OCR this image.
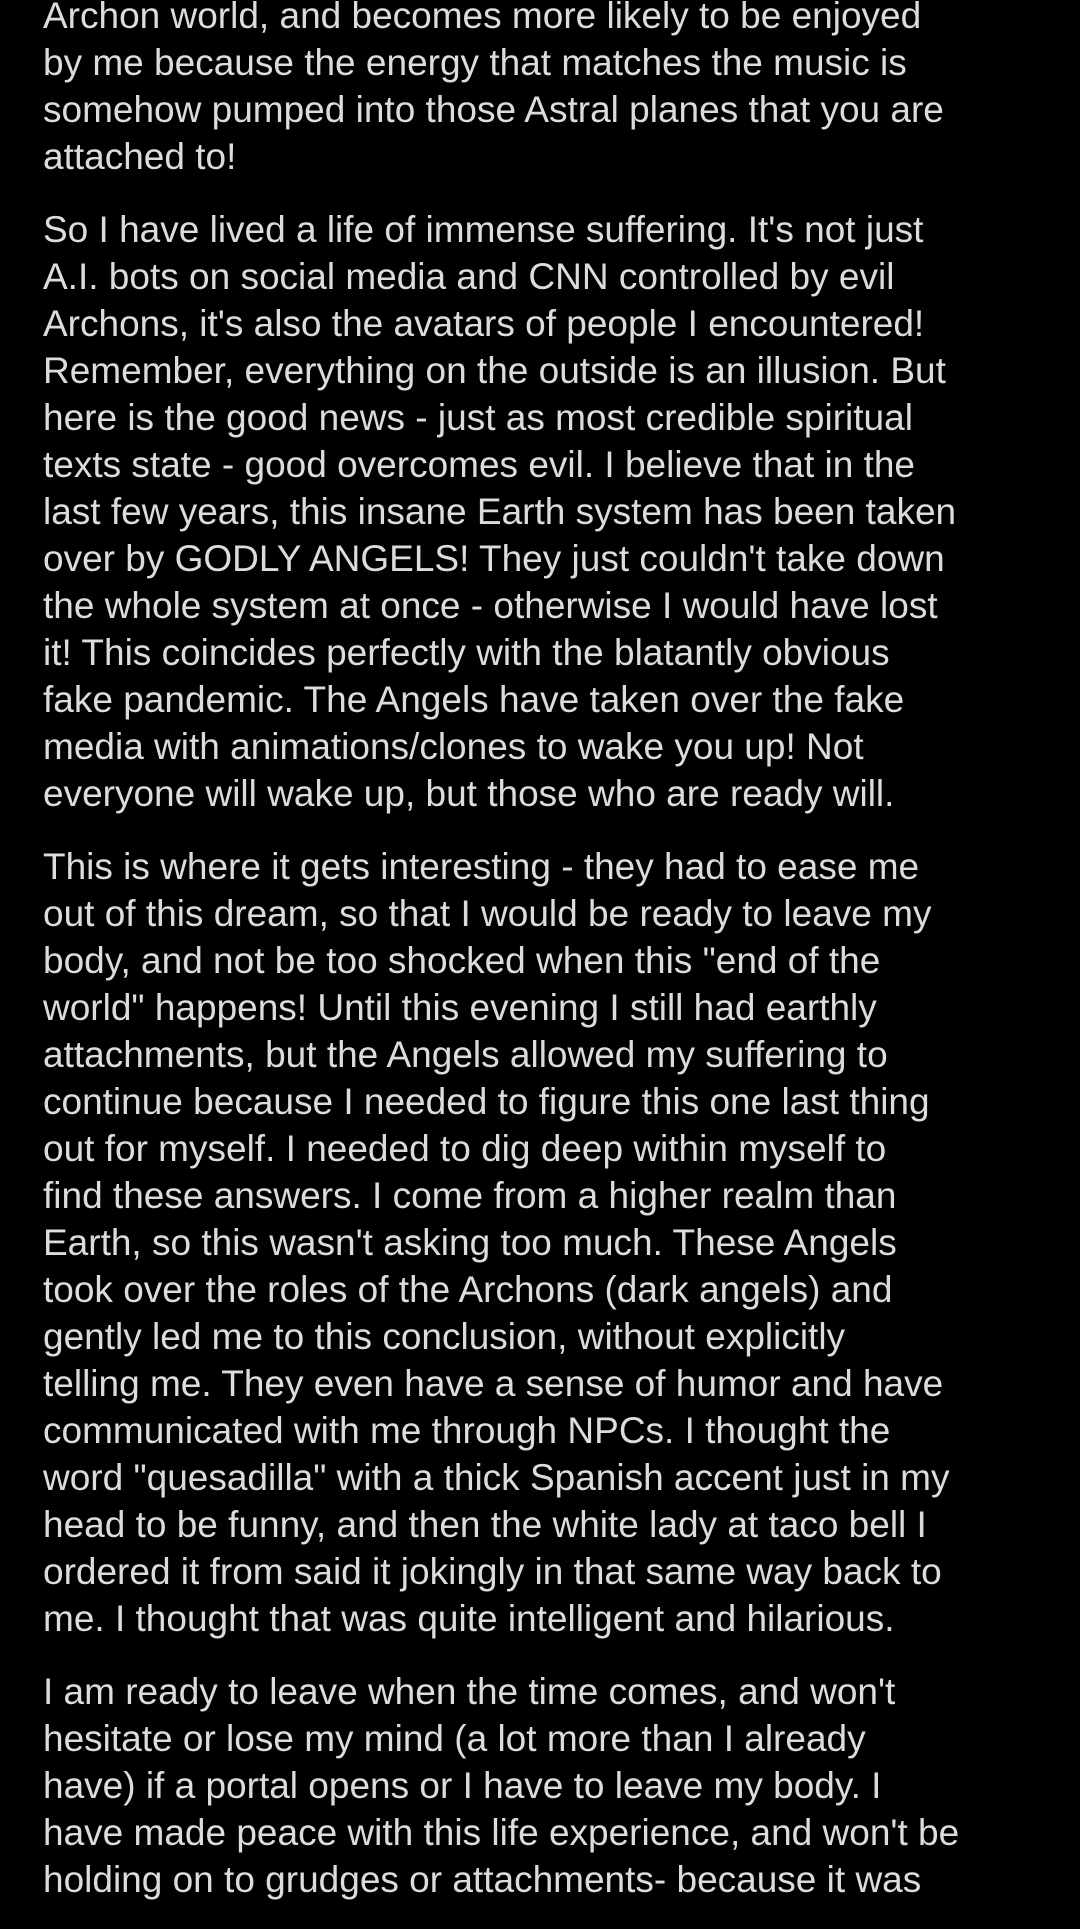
Archon world, and becomes more likely to be enjoyed
by me because the energy that matches the music is
somehow pumped into those Astral planes that you are
attached to!
So I have lived a life of immense suffering. It's not just
A.I. bots on social media and CNN controlled by evil
Archons, it's also the avatars of people I encountered!
Remember, everything on the outside is an illusion. But
here is the good news - just as most credible spiritual
texts state - good overcomes evil. I believe that in the
last few years, this insane Earth system has been taken
over by GODLY ANGELS! They just couldn't take down
the whole system at once - otherwise I would have lost
it! This coincides perfectly with the blatantly obvious
fake pandemic. The Angels have taken over the fake
media with animations/clones to wake you up! Not
everyone will wake up, but those who are ready will.
This is where it gets interesting - they had to ease me
out of this dream, so that I would be ready to leave my
body, and not be too shocked when this "end of the
world" happens! Until this evening I still had earthly
attachments, but the Angels allowed my suffering to
continue because I needed to figure this one last thing
out for myself. I needed to dig deep within myself to
find these answers. I come from a higher realm than
Earth, so this wasn't asking too much. These Angels
took over the roles of the Archons (dark angels) and
gently led me to this conclusion, without explicitly
telling me. They even have a sense of humor and have
communicated with me through NPCs. I thought the
word "quesadilla" with a thick Spanish accent just in my
head to be funny, and then the white lady at taco bell I
ordered it from said it jokingly in that same way back to
me. I thought that was quite intelligent and hilarious.
I am ready to leave when the time comes, and won't
hesitate or lose my mind (a lot more than I already
have) if a portal opens or I have to leave my body. I
have made peace with this life experience, and won't be
holding on to grudges or attachments- because it was
